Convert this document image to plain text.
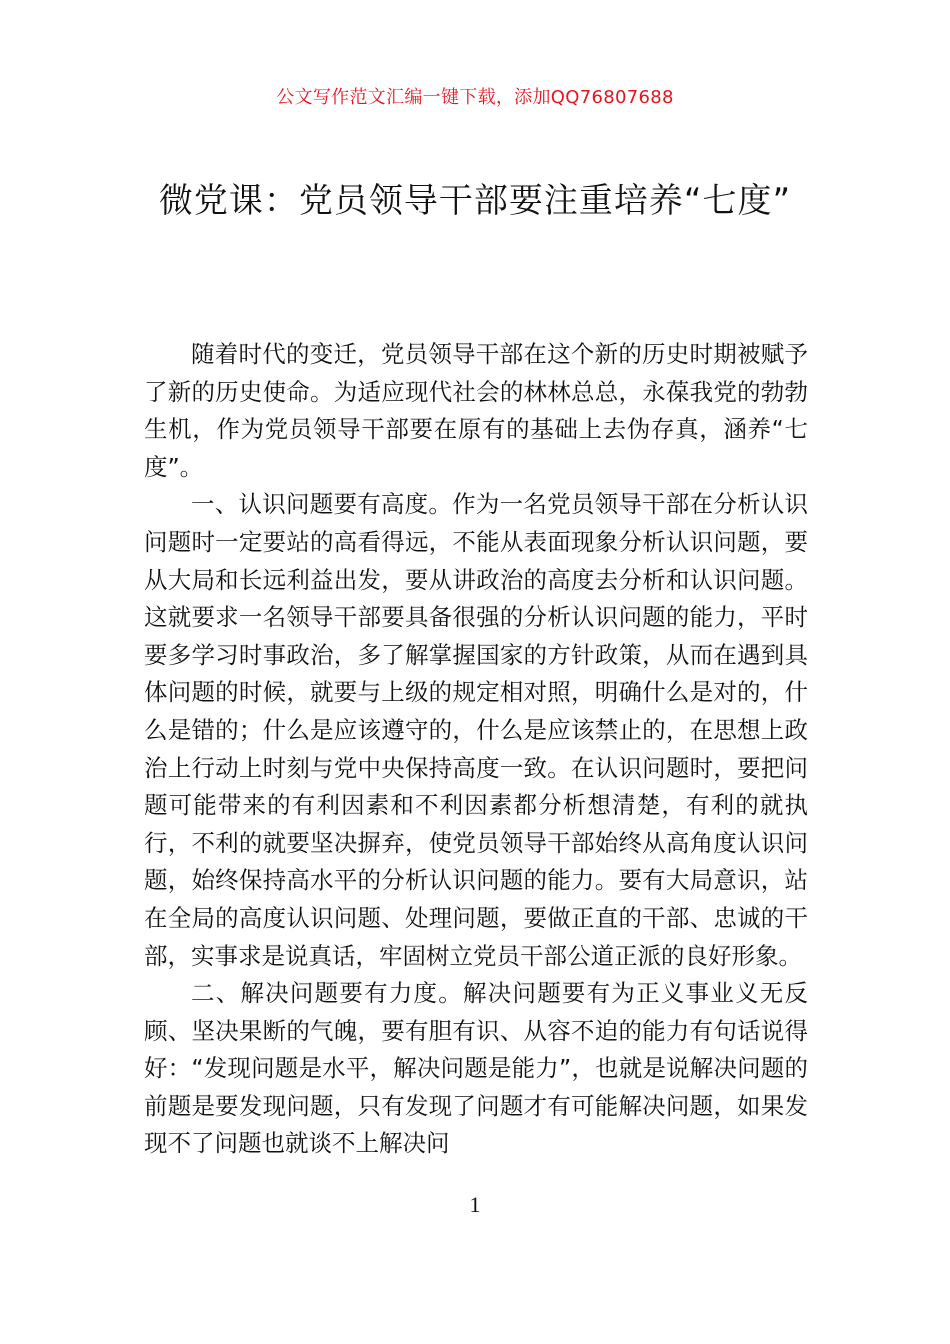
公文写作范文汇编一键下载，添加QQ76807688
微党课：党员领导干部要注重培养“七度”

随着时代的变迁，党员领导干部在这个新的历史时期被赋予了新的历史使命。为适应现代社会的林林总总，永葆我党的勃勃生机，作为党员领导干部要在原有的基础上去伪存真，涵养“七度”。

一、认识问题要有高度。作为一名党员领导干部在分析认识问题时一定要站的高看得远，不能从表面现象分析认识问题，要从大局和长远利益出发，要从讲政治的高度去分析和认识问题。这就要求一名领导干部要具备很强的分析认识问题的能力，平时要多学习时事政治，多了解掌握国家的方针政策，从而在遇到具体问题的时候，就要与上级的规定相对照，明确什么是对的，什么是错的；什么是应该遵守的，什么是应该禁止的，在思想上政治上行动上时刻与党中央保持高度一致。在认识问题时，要把问题可能带来的有利因素和不利因素都分析想清楚，有利的就执行，不利的就要坚决摒弃，使党员领导干部始终从高角度认识问题，始终保持高水平的分析认识问题的能力。要有大局意识，站在全局的高度认识问题、处理问题，要做正直的干部、忠诚的干部，实事求是说真话，牢固树立党员干部公道正派的良好形象。

二、解决问题要有力度。解决问题要有为正义事业义无反顾、坚决果断的气魄，要有胆有识、从容不迫的能力有句话说得好：“发现问题是水平，解决问题是能力”，也就是说解决问题的前题是要发现问题，只有发现了问题才有可能解决问题，如果发现不了问题也就谈不上解决问

1
